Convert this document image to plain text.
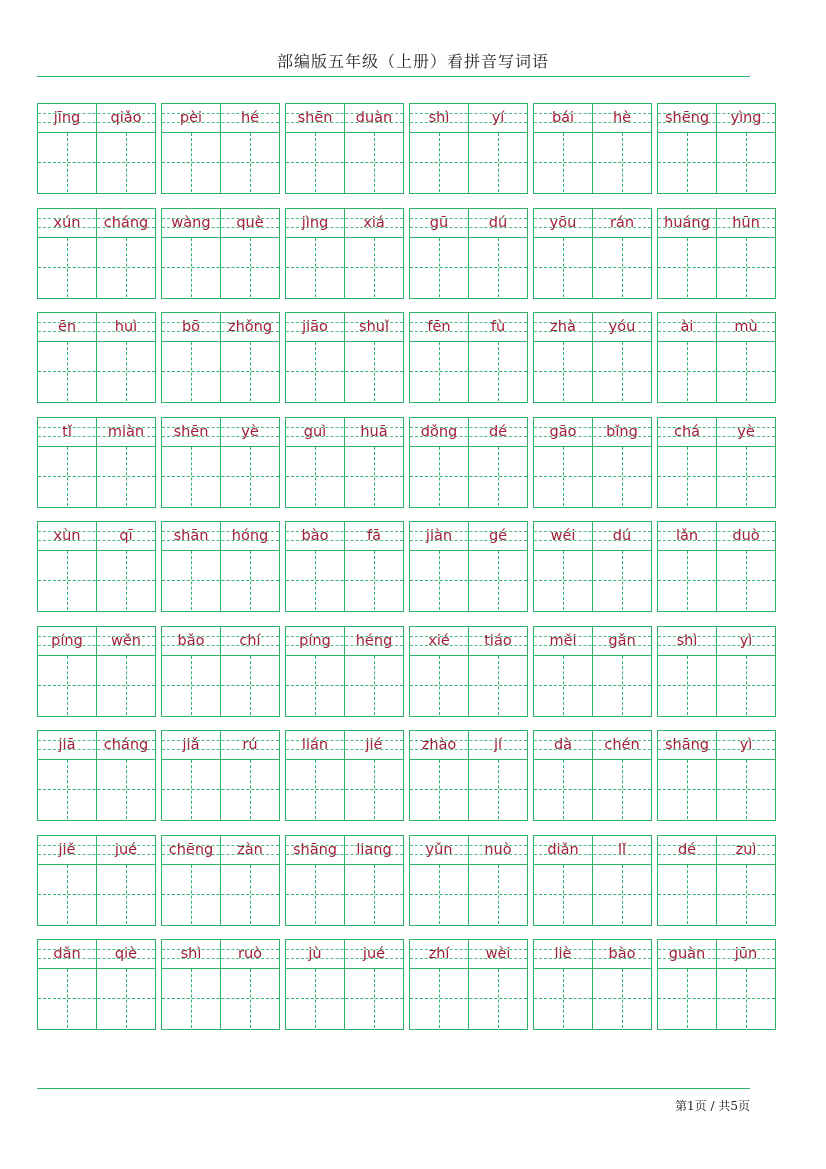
部编版五年级（上册）看拼音写词语
jīng	qiǎo	pèi	hé	shēn	duàn	shì	yí	bái	hè	shēng	yìng
xún	cháng	wàng	què	jìng	xiá	gū	dú	yōu	rán	huáng	hūn
ēn	huì	bō	zhǒng	jiāo	shuǐ	fēn	fù	zhà	yóu	ài	mù
tǐ	miàn	shēn	yè	guì	huā	dǒng	dé	gāo	bǐng	chá	yè
xùn	qī	shān	hóng	bào	fā	jiàn	gé	wéi	dú	lǎn	duò
píng	wěn	bǎo	chí	píng	héng	xié	tiáo	měi	gǎn	shì	yì
jiā	cháng	jiǎ	rú	lián	jié	zhào	jí	dà	chén	shāng	yì
jiě	jué	chēng	zàn	shāng	liang	yǔn	nuò	diǎn	lǐ	dé	zuì
dǎn	qiè	shì	ruò	jù	jué	zhí	wèi	liè	bào	guàn	jūn
第1页 / 共5页
